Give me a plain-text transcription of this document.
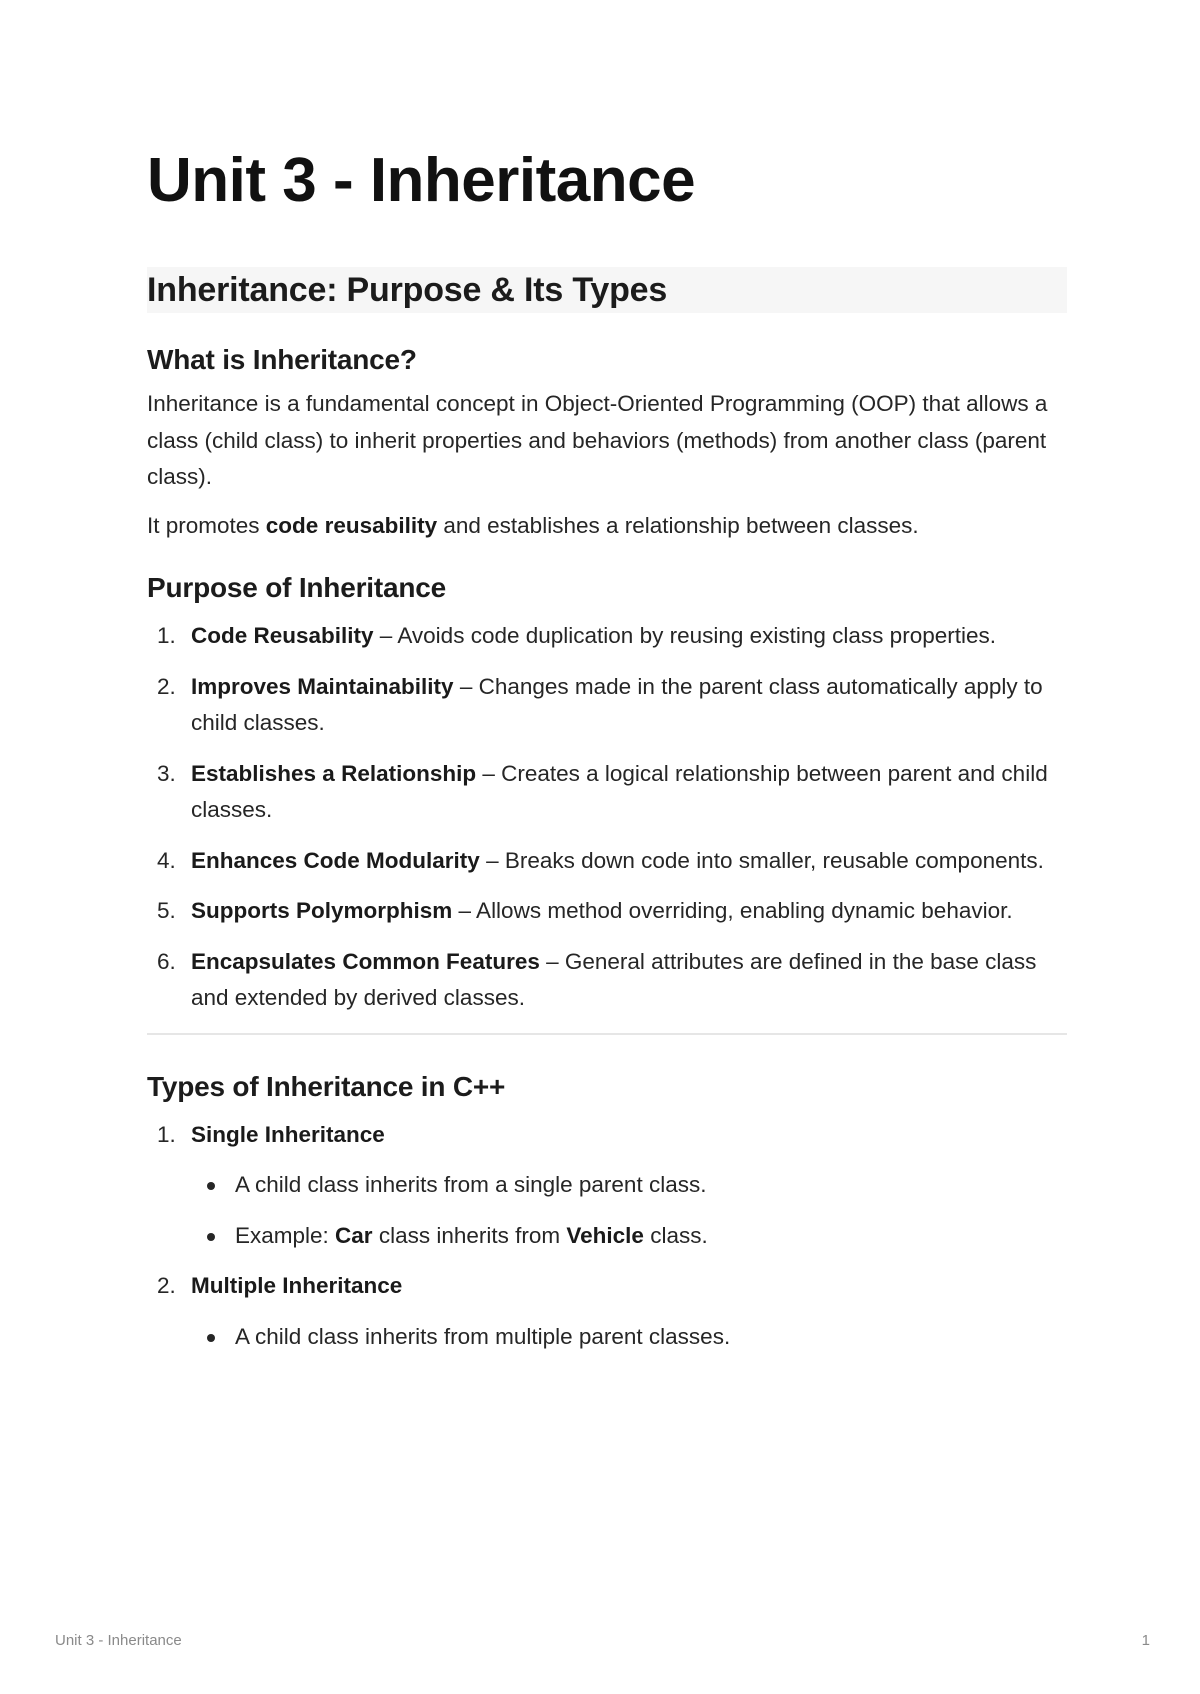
Unit 3 - Inheritance
Inheritance: Purpose & Its Types
What is Inheritance?

Inheritance is a fundamental concept in Object-Oriented Programming (OOP) that allows a class (child class) to inherit properties and behaviors (methods) from another class (parent class).

It promotes code reusability and establishes a relationship between classes.

Purpose of Inheritance
1. Code Reusability – Avoids code duplication by reusing existing class properties.
2. Improves Maintainability – Changes made in the parent class automatically apply to child classes.
3. Establishes a Relationship – Creates a logical relationship between parent and child classes.
4. Enhances Code Modularity – Breaks down code into smaller, reusable components.
5. Supports Polymorphism – Allows method overriding, enabling dynamic behavior.
6. Encapsulates Common Features – General attributes are defined in the base class and extended by derived classes.
Types of Inheritance in C++
1. Single Inheritance
A child class inherits from a single parent class.
Example: Car class inherits from Vehicle class.
2. Multiple Inheritance
A child class inherits from multiple parent classes.
Unit 3 - Inheritance	1
